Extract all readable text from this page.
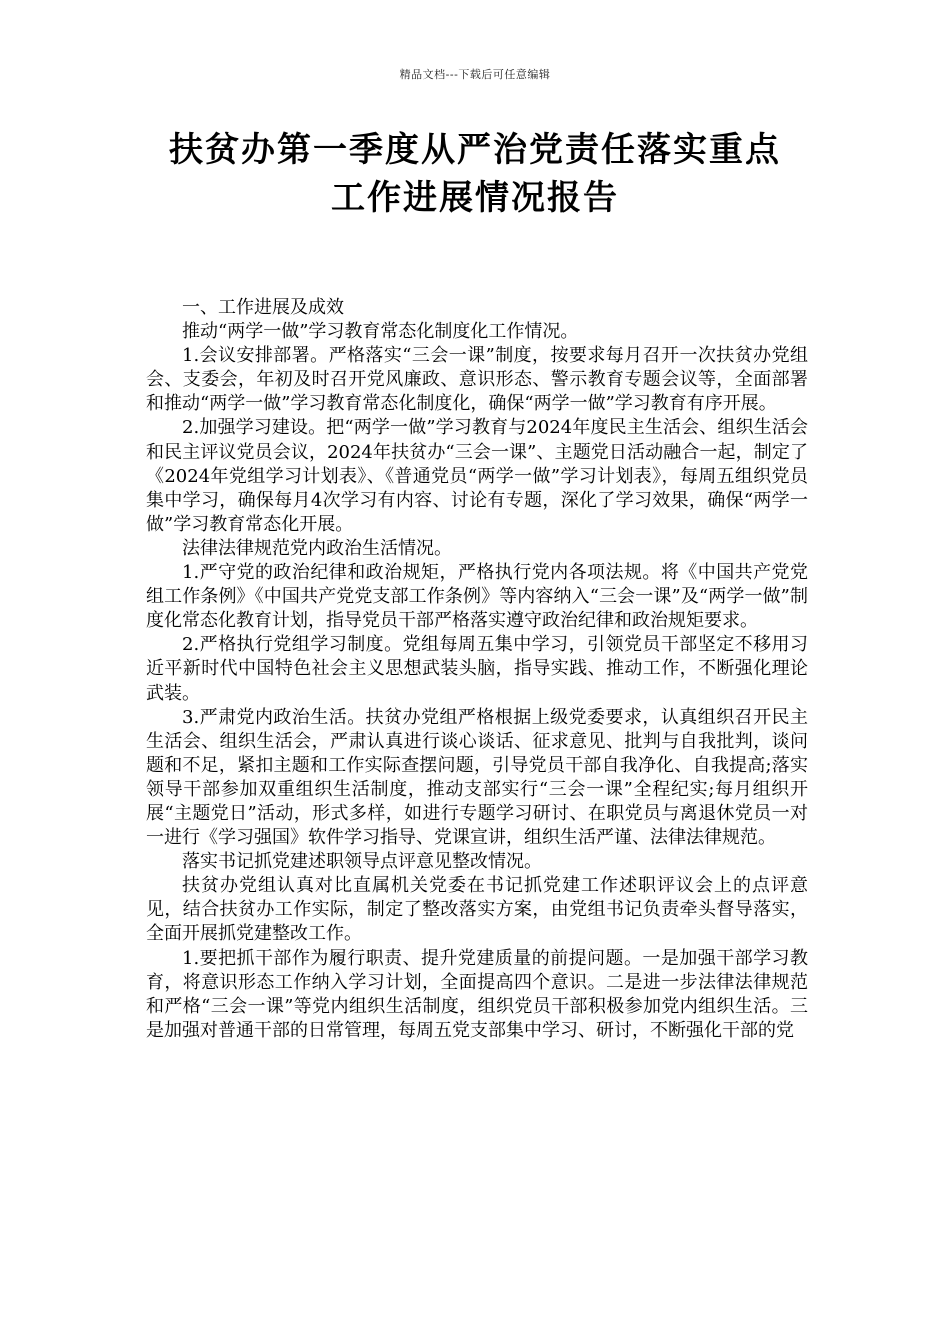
精品文档---下载后可任意编辑
扶贫办第一季度从严治党责任落实重点
工作进展情况报告

一、工作进展及成效

推动“两学一做”学习教育常态化制度化工作情况。

1.会议安排部署。严格落实“三会一课”制度，按要求每月召开一次扶贫办党组会、支委会，年初及时召开党风廉政、意识形态、警示教育专题会议等，全面部署和推动“两学一做”学习教育常态化制度化，确保“两学一做”学习教育有序开展。

2.加强学习建设。把“两学一做”学习教育与2024年度民主生活会、组织生活会和民主评议党员会议，2024年扶贫办“三会一课”、主题党日活动融合一起，制定了《2024年党组学习计划表》、《普通党员“两学一做”学习计划表》，每周五组织党员集中学习，确保每月4次学习有内容、讨论有专题，深化了学习效果，确保“两学一做”学习教育常态化开展。

法律法律规范党内政治生活情况。

1.严守党的政治纪律和政治规矩，严格执行党内各项法规。将《中国共产党党组工作条例》《中国共产党党支部工作条例》等内容纳入“三会一课”及“两学一做”制度化常态化教育计划，指导党员干部严格落实遵守政治纪律和政治规矩要求。

2.严格执行党组学习制度。党组每周五集中学习，引领党员干部坚定不移用习近平新时代中国特色社会主义思想武装头脑，指导实践、推动工作，不断强化理论武装。

3.严肃党内政治生活。扶贫办党组严格根据上级党委要求，认真组织召开民主生活会、组织生活会，严肃认真进行谈心谈话、征求意见、批判与自我批判，谈问题和不足，紧扣主题和工作实际查摆问题，引导党员干部自我净化、自我提高;落实领导干部参加双重组织生活制度，推动支部实行“三会一课”全程纪实;每月组织开展“主题党日”活动，形式多样，如进行专题学习研讨、在职党员与离退休党员一对一进行《学习强国》软件学习指导、党课宣讲，组织生活严谨、法律法律规范。

落实书记抓党建述职领导点评意见整改情况。

扶贫办党组认真对比直属机关党委在书记抓党建工作述职评议会上的点评意见，结合扶贫办工作实际，制定了整改落实方案，由党组书记负责牵头督导落实，全面开展抓党建整改工作。

1.要把抓干部作为履行职责、提升党建质量的前提问题。一是加强干部学习教育，将意识形态工作纳入学习计划，全面提高四个意识。二是进一步法律法律规范和严格“三会一课”等党内组织生活制度，组织党员干部积极参加党内组织生活。三是加强对普通干部的日常管理，每周五党支部集中学习、研讨，不断强化干部的党
